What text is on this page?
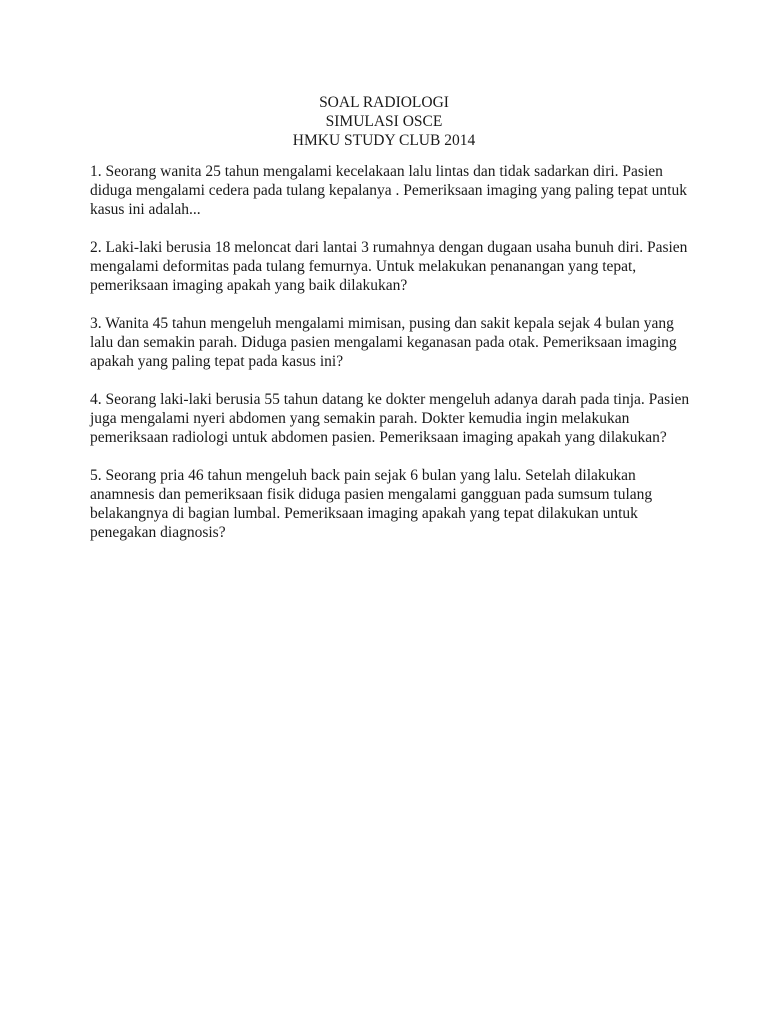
SOAL RADIOLOGI
SIMULASI OSCE
HMKU STUDY CLUB 2014
1. Seorang wanita 25 tahun mengalami kecelakaan lalu lintas dan tidak sadarkan diri. Pasien
diduga mengalami cedera pada tulang kepalanya . Pemeriksaan imaging yang paling tepat untuk
kasus ini adalah...
2. Laki-laki berusia 18 meloncat dari lantai 3 rumahnya dengan dugaan usaha bunuh diri. Pasien
mengalami deformitas pada tulang femurnya. Untuk melakukan penanangan yang tepat,
pemeriksaan imaging apakah yang baik dilakukan?
3. Wanita 45 tahun mengeluh mengalami mimisan, pusing dan sakit kepala sejak 4 bulan yang
lalu dan semakin parah. Diduga pasien mengalami keganasan pada otak. Pemeriksaan imaging
apakah yang paling tepat pada kasus ini?
4. Seorang laki-laki berusia 55 tahun datang ke dokter mengeluh adanya darah pada tinja. Pasien
juga mengalami nyeri abdomen yang semakin parah. Dokter kemudia ingin melakukan
pemeriksaan radiologi untuk abdomen pasien. Pemeriksaan imaging apakah yang dilakukan?
5. Seorang pria 46 tahun mengeluh back pain sejak 6 bulan yang lalu. Setelah dilakukan
anamnesis dan pemeriksaan fisik diduga pasien mengalami gangguan pada sumsum tulang
belakangnya di bagian lumbal. Pemeriksaan imaging apakah yang tepat dilakukan untuk
penegakan diagnosis?
